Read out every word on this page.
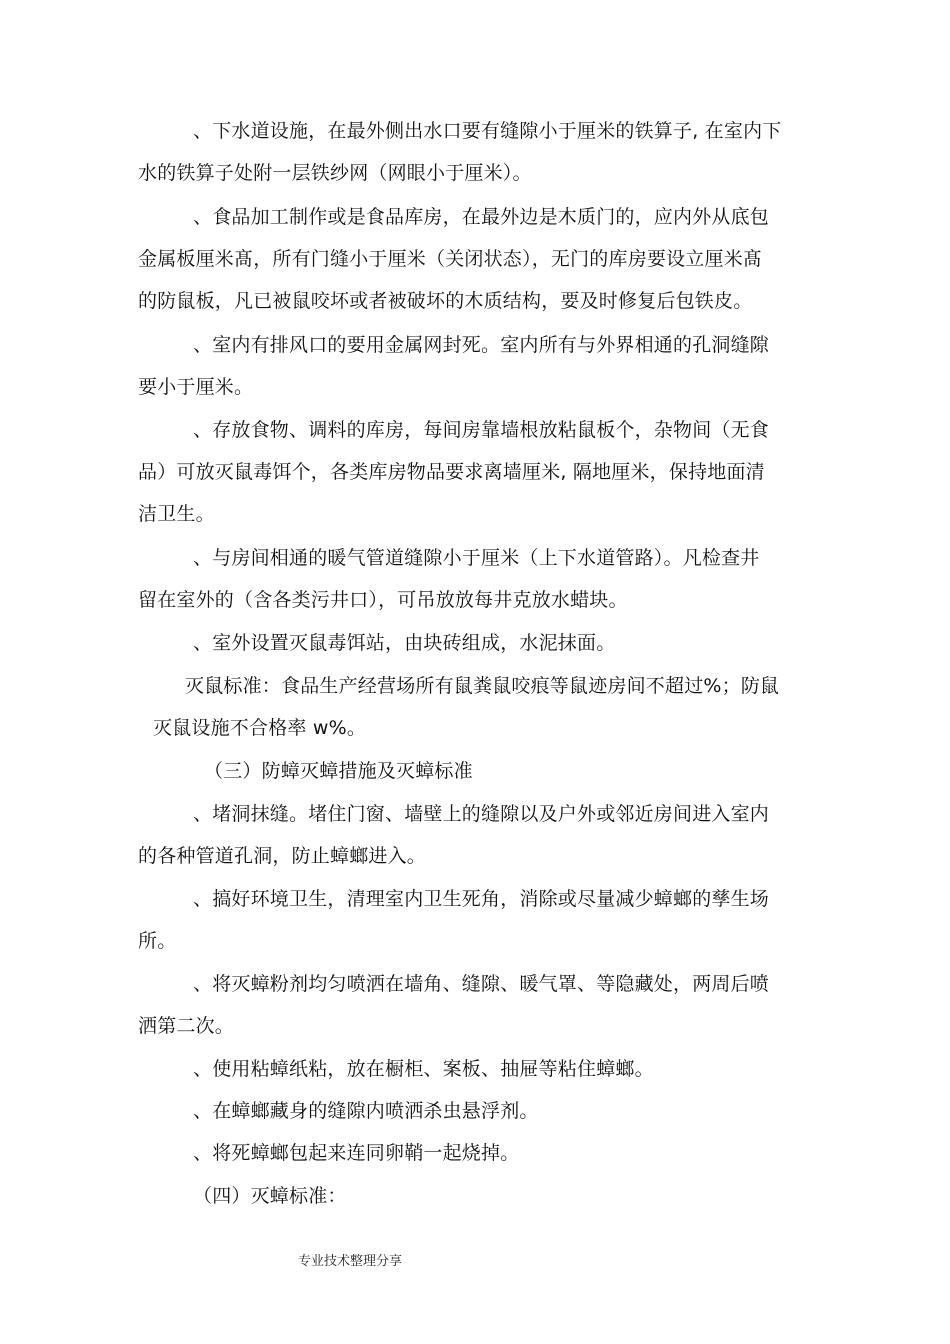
、下水道设施，在最外侧出水口要有缝隙小于厘米的铁算子, 在室内下
水的铁算子处附一层铁纱网（网眼小于厘米）。
、食品加工制作或是食品库房，在最外边是木质门的，应内外从底包
金属板厘米髙，所有门缝小于厘米（关闭状态），无门的库房要设立厘米髙
的防鼠板，凡已被鼠咬坏或者被破坏的木质结构，要及时修复后包铁皮。
、室内有排风口的要用金属网封死。室内所有与外界相通的孔洞缝隙
要小于厘米。
、存放食物、调料的库房，每间房靠墙根放粘鼠板个，杂物间（无食
品）可放灭鼠毒饵个，各类库房物品要求离墙厘米, 隔地厘米，保持地面清
洁卫生。
、与房间相通的暖气管道缝隙小于厘米（上下水道管路）。凡检查井
留在室外的（含各类污井口），可吊放放每井克放水蜡块。
、室外设置灭鼠毒饵站，由块砖组成，水泥抹面。
灭鼠标准：食品生产经营场所有鼠粪鼠咬痕等鼠迹房间不超过%；防鼠
灭鼠设施不合格率 w%。
（三）防蟑灭蟑措施及灭蟑标准
、堵洞抹缝。堵住门窗、墙壁上的缝隙以及户外或邻近房间进入室内
的各种管道孔洞，防止蟑螂进入。
、搞好环境卫生，清理室内卫生死角，消除或尽量减少蟑螂的孳生场
所。
、将灭蟑粉剂均匀喷洒在墙角、缝隙、暖气罩、等隐藏处，两周后喷
洒第二次。
、使用粘蟑纸粘，放在橱柜、案板、抽屉等粘住蟑螂。
、在蟑螂藏身的缝隙内喷洒杀虫悬浮剂。
、将死蟑螂包起来连同卵鞘一起烧掉。
（四）灭蟑标准：
专业技术整理分享
